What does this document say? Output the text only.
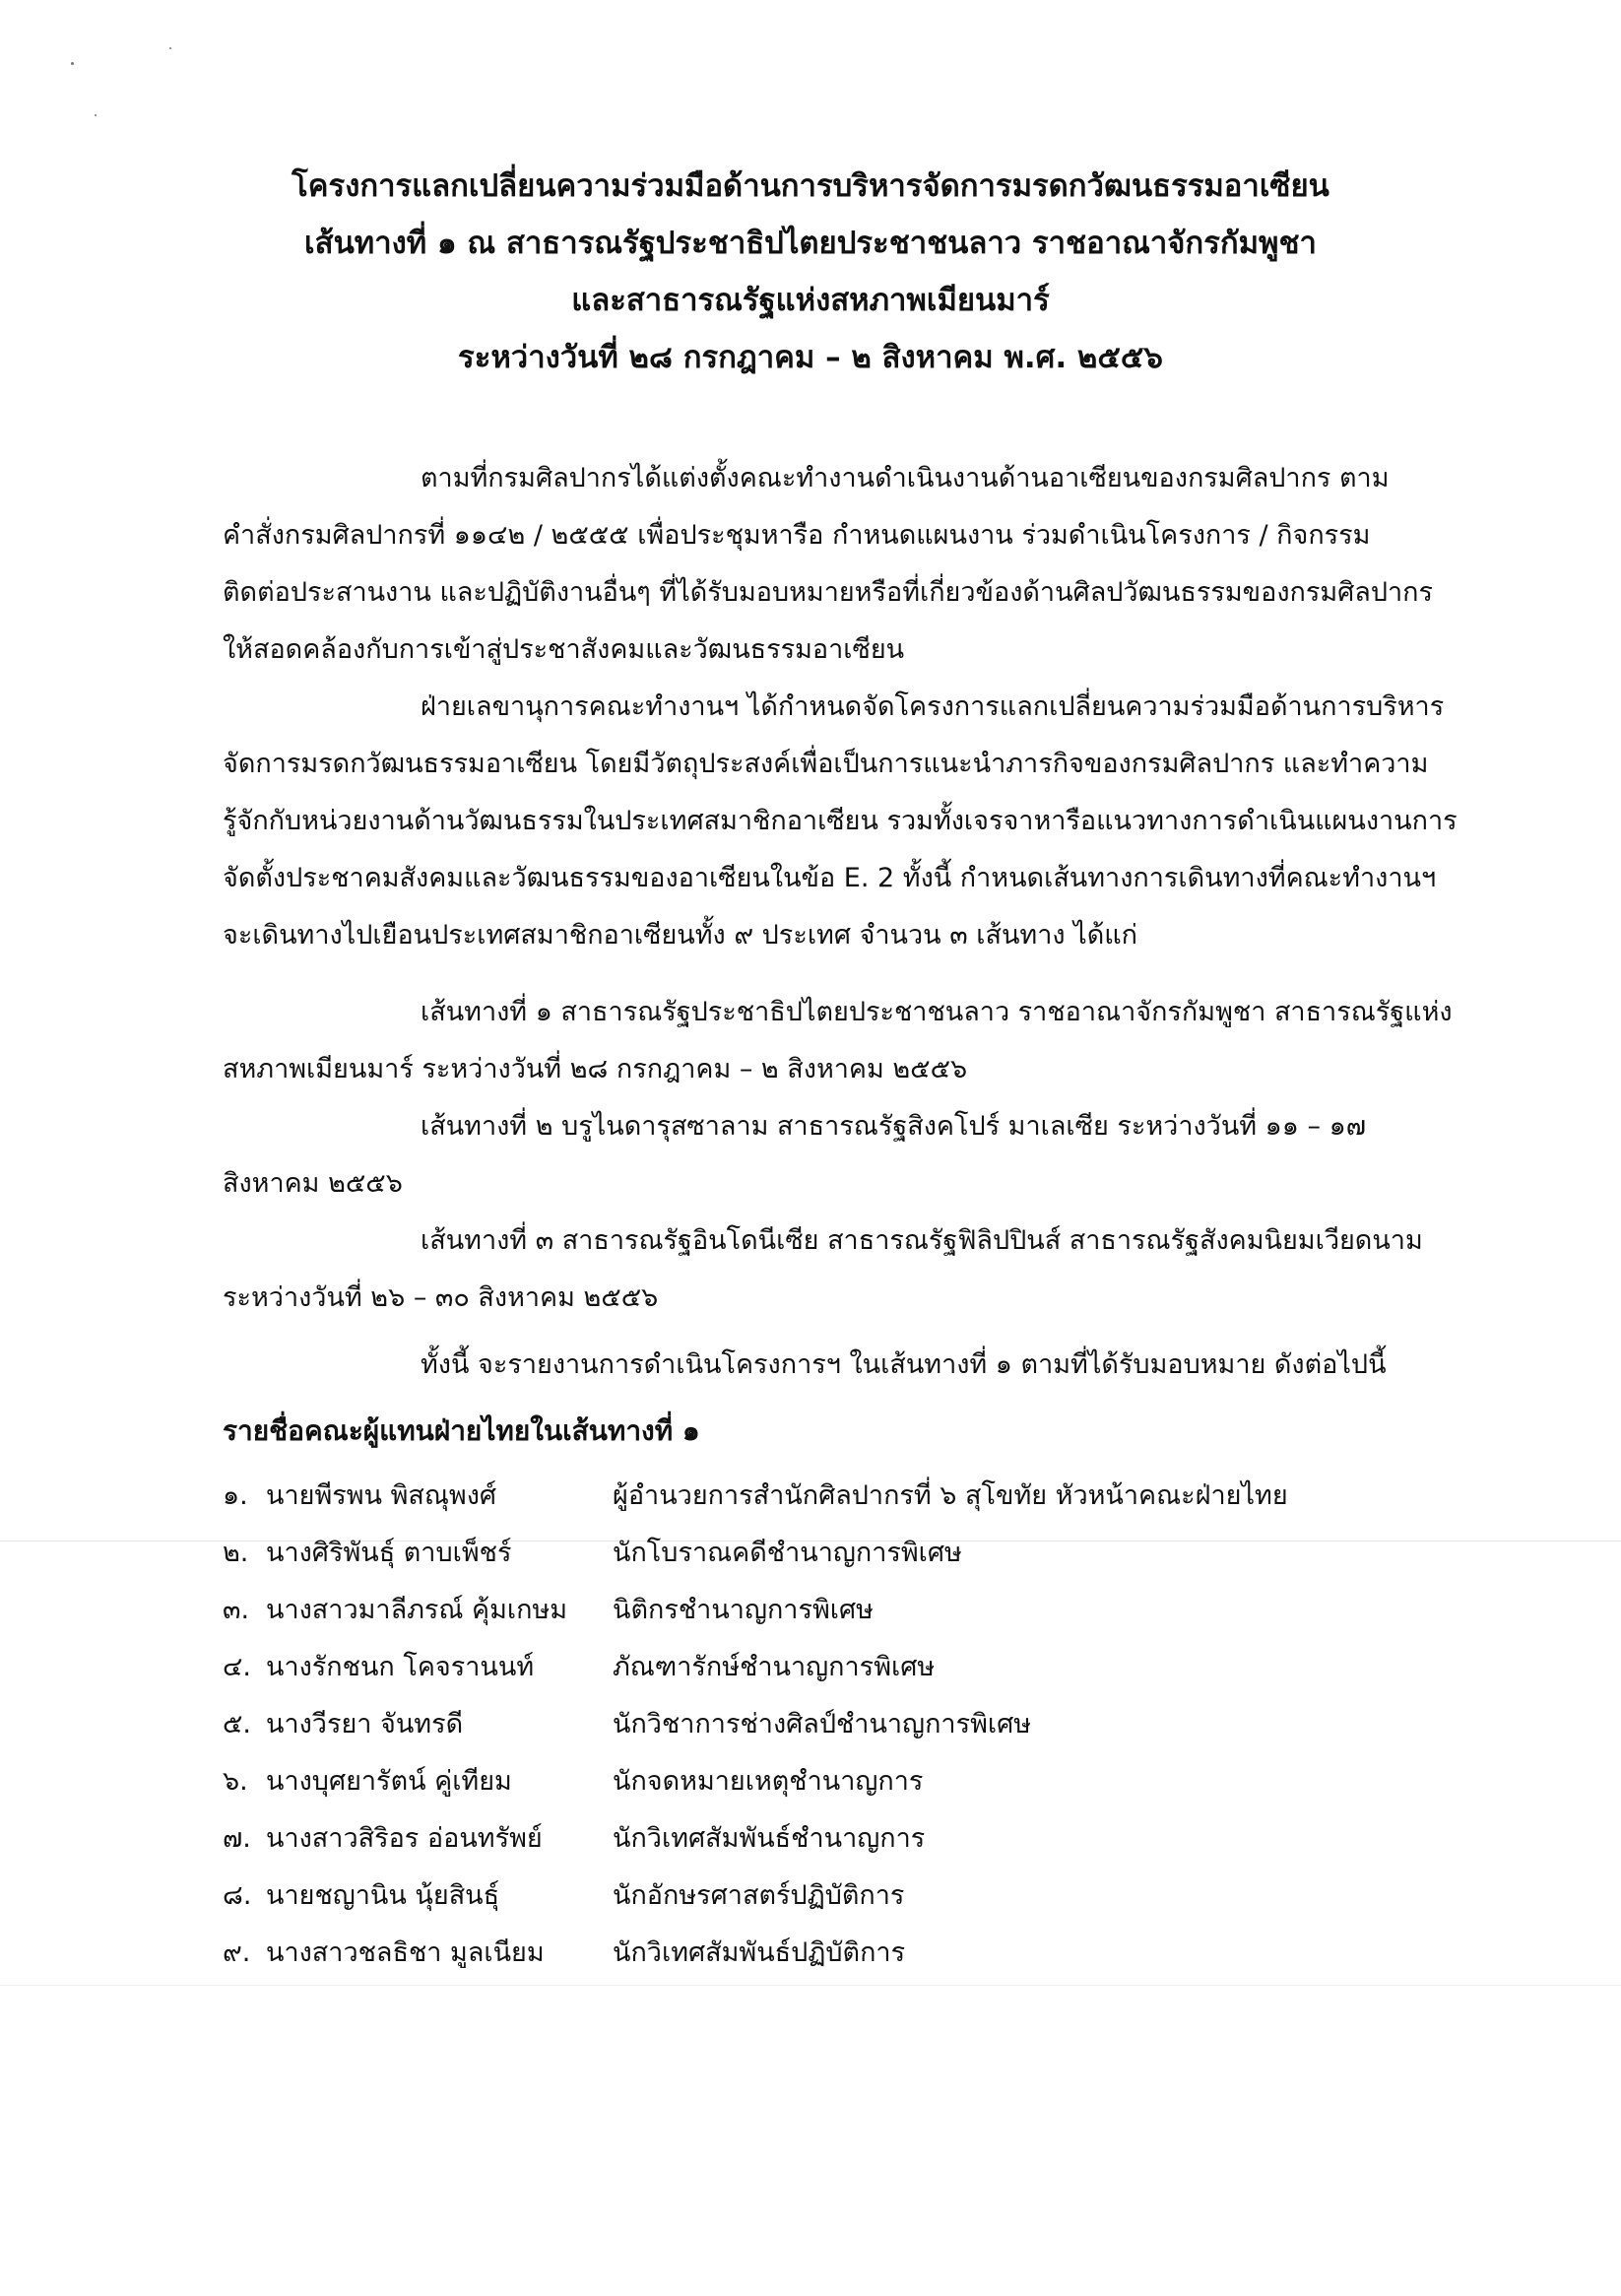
โครงการแลกเปลี่ยนความร่วมมือด้านการบริหารจัดการมรดกวัฒนธรรมอาเซียน
เส้นทางที่ ๑ ณ สาธารณรัฐประชาธิปไตยประชาชนลาว ราชอาณาจักรกัมพูชา
และสาธารณรัฐแห่งสหภาพเมียนมาร์
ระหว่างวันที่ ๒๘ กรกฎาคม – ๒ สิงหาคม พ.ศ. ๒๕๕๖
ตามที่กรมศิลปากรได้แต่งตั้งคณะทำงานดำเนินงานด้านอาเซียนของกรมศิลปากร ตาม
คำสั่งกรมศิลปากรที่ ๑๑๔๒ / ๒๕๕๕ เพื่อประชุมหารือ กำหนดแผนงาน ร่วมดำเนินโครงการ / กิจกรรม
ติดต่อประสานงาน และปฏิบัติงานอื่นๆ ที่ได้รับมอบหมายหรือที่เกี่ยวข้องด้านศิลปวัฒนธรรมของกรมศิลปากร
ให้สอดคล้องกับการเข้าสู่ประชาสังคมและวัฒนธรรมอาเซียน
ฝ่ายเลขานุการคณะทำงานฯ ได้กำหนดจัดโครงการแลกเปลี่ยนความร่วมมือด้านการบริหาร
จัดการมรดกวัฒนธรรมอาเซียน โดยมีวัตถุประสงค์เพื่อเป็นการแนะนำภารกิจของกรมศิลปากร และทำความ
รู้จักกับหน่วยงานด้านวัฒนธรรมในประเทศสมาชิกอาเซียน รวมทั้งเจรจาหารือแนวทางการดำเนินแผนงานการ
จัดตั้งประชาคมสังคมและวัฒนธรรมของอาเซียนในข้อ E. 2 ทั้งนี้ กำหนดเส้นทางการเดินทางที่คณะทำงานฯ
จะเดินทางไปเยือนประเทศสมาชิกอาเซียนทั้ง ๙ ประเทศ จำนวน ๓ เส้นทาง ได้แก่
เส้นทางที่ ๑ สาธารณรัฐประชาธิปไตยประชาชนลาว ราชอาณาจักรกัมพูชา สาธารณรัฐแห่ง
สหภาพเมียนมาร์ ระหว่างวันที่ ๒๘ กรกฎาคม – ๒ สิงหาคม ๒๕๕๖
เส้นทางที่ ๒ บรูไนดารุสซาลาม สาธารณรัฐสิงคโปร์ มาเลเซีย ระหว่างวันที่ ๑๑ – ๑๗
สิงหาคม ๒๕๕๖
เส้นทางที่ ๓ สาธารณรัฐอินโดนีเซีย สาธารณรัฐฟิลิปปินส์ สาธารณรัฐสังคมนิยมเวียดนาม
ระหว่างวันที่ ๒๖ – ๓๐ สิงหาคม ๒๕๕๖
ทั้งนี้ จะรายงานการดำเนินโครงการฯ ในเส้นทางที่ ๑ ตามที่ได้รับมอบหมาย ดังต่อไปนี้
รายชื่อคณะผู้แทนฝ่ายไทยในเส้นทางที่ ๑
๑. นายพีรพน พิสณุพงศ์	ผู้อำนวยการสำนักศิลปากรที่ ๖ สุโขทัย หัวหน้าคณะฝ่ายไทย
๒. นางศิริพันธุ์ ตาบเพ็ชร์	นักโบราณคดีชำนาญการพิเศษ
๓. นางสาวมาลีภรณ์ คุ้มเกษม นิติกรชำนาญการพิเศษ
๔. นางรักชนก โคจรานนท์	ภัณฑารักษ์ชำนาญการพิเศษ
๕. นางวีรยา จันทรดี	นักวิชาการช่างศิลป์ชำนาญการพิเศษ
๖. นางบุศยารัตน์ คู่เทียม	นักจดหมายเหตุชำนาญการ
๗. นางสาวสิริอร อ่อนทรัพย์	นักวิเทศสัมพันธ์ชำนาญการ
๘. นายชญานิน นุ้ยสินธุ์	นักอักษรศาสตร์ปฏิบัติการ
๙. นางสาวชลธิชา มูลเนียม	นักวิเทศสัมพันธ์ปฏิบัติการ
